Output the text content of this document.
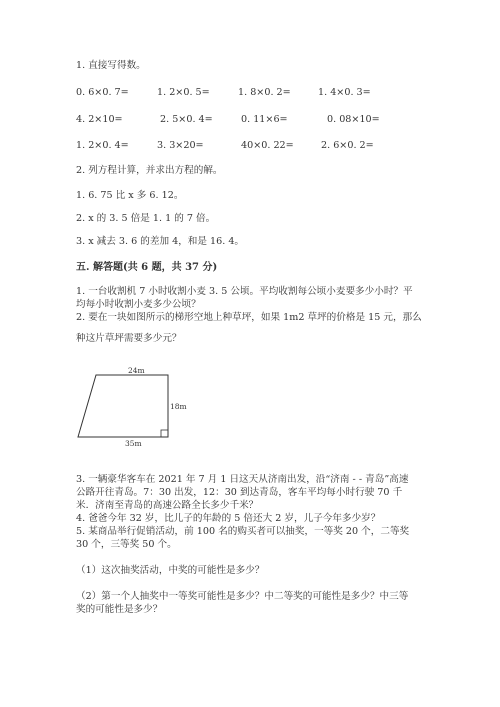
1. 直接写得数。
0. 6×0. 7=	1. 2×0. 5=	1. 8×0. 2=	1. 4×0. 3=
4. 2×10=	2. 5×0. 4=	0. 11×6=	0. 08×10=
1. 2×0. 4=	3. 3×20=	40×0. 22=	2. 6×0. 2=
2. 列方程计算，并求出方程的解。
1. 6. 75 比 x 多 6. 12。
2. x 的 3. 5 倍是 1. 1 的 7 倍。
3. x 减去 3. 6 的差加 4，和是 16. 4。
五. 解答题(共 6 题，共 37 分)
1. 一台收割机 7 小时收割小麦 3. 5 公顷。平均收割每公顷小麦要多少小时？平
均每小时收割小麦多少公顷？
2. 要在一块如图所示的梯形空地上种草坪，如果 1m2 草坪的价格是 15 元，那么
种这片草坪需要多少元？
24m
18m
35m
3. 一辆豪华客车在 2021 年 7 月 1 日这天从济南出发，沿“济南 - - 青岛”高速
公路开往青岛。7：30 出发，12：30 到达青岛，客车平均每小时行驶 70 千
米．济南至青岛的高速公路全长多少千米？
4. 爸爸今年 32 岁，比儿子的年龄的 5 倍还大 2 岁，儿子今年多少岁？
5. 某商品举行促销活动，前 100 名的购买者可以抽奖，一等奖 20 个，二等奖
30 个，三等奖 50 个。
（1）这次抽奖活动，中奖的可能性是多少？
（2）第一个人抽奖中一等奖可能性是多少？中二等奖的可能性是多少？中三等
奖的可能性是多少？
